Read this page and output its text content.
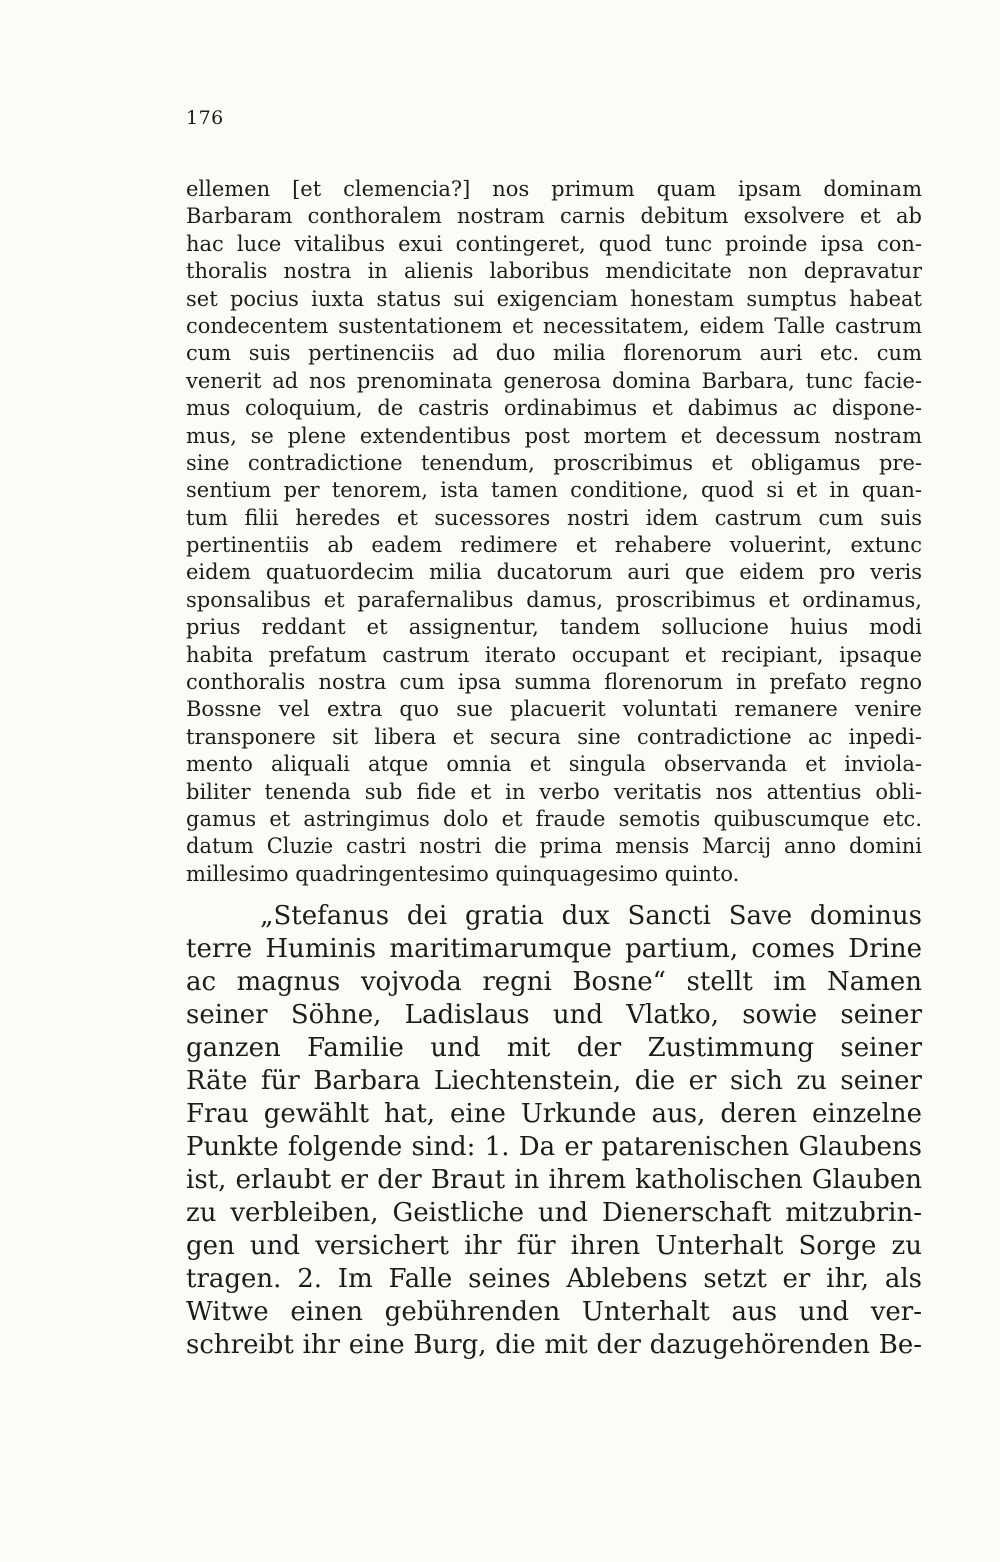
176
ellemen [et clemencia?] nos primum quam ipsam dominam
Barbaram conthoralem nostram carnis debitum exsolvere et ab
hac luce vitalibus exui contingeret, quod tunc proinde ipsa con-
thoralis nostra in alienis laboribus mendicitate non depravatur
set pocius iuxta status sui exigenciam honestam sumptus habeat
condecentem sustentationem et necessitatem, eidem Talle castrum
cum suis pertinenciis ad duo milia florenorum auri etc. cum
venerit ad nos prenominata generosa domina Barbara, tunc facie-
mus coloquium, de castris ordinabimus et dabimus ac dispone-
mus, se plene extendentibus post mortem et decessum nostram
sine contradictione tenendum, proscribimus et obligamus pre-
sentium per tenorem, ista tamen conditione, quod si et in quan-
tum filii heredes et sucessores nostri idem castrum cum suis
pertinentiis ab eadem redimere et rehabere voluerint, extunc
eidem quatuordecim milia ducatorum auri que eidem pro veris
sponsalibus et parafernalibus damus, proscribimus et ordinamus,
prius reddant et assignentur, tandem sollucione huius modi
habita prefatum castrum iterato occupant et recipiant, ipsaque
conthoralis nostra cum ipsa summa florenorum in prefato regno
Bossne vel extra quo sue placuerit voluntati remanere venire
transponere sit libera et secura sine contradictione ac inpedi-
mento aliquali atque omnia et singula observanda et inviola-
biliter tenenda sub fide et in verbo veritatis nos attentius obli-
gamus et astringimus dolo et fraude semotis quibuscumque etc.
datum Cluzie castri nostri die prima mensis Marcij anno domini
millesimo quadringentesimo quinquagesimo quinto.
„Stefanus dei gratia dux Sancti Save dominus
terre Huminis maritimarumque partium, comes Drine
ac magnus vojvoda regni Bosne“ stellt im Namen
seiner Söhne, Ladislaus und Vlatko, sowie seiner
ganzen Familie und mit der Zustimmung seiner
Räte für Barbara Liechtenstein, die er sich zu seiner
Frau gewählt hat, eine Urkunde aus, deren einzelne
Punkte folgende sind: 1. Da er patarenischen Glaubens
ist, erlaubt er der Braut in ihrem katholischen Glauben
zu verbleiben, Geistliche und Dienerschaft mitzubrin-
gen und versichert ihr für ihren Unterhalt Sorge zu
tragen. 2. Im Falle seines Ablebens setzt er ihr, als
Witwe einen gebührenden Unterhalt aus und ver-
schreibt ihr eine Burg, die mit der dazugehörenden Be-
